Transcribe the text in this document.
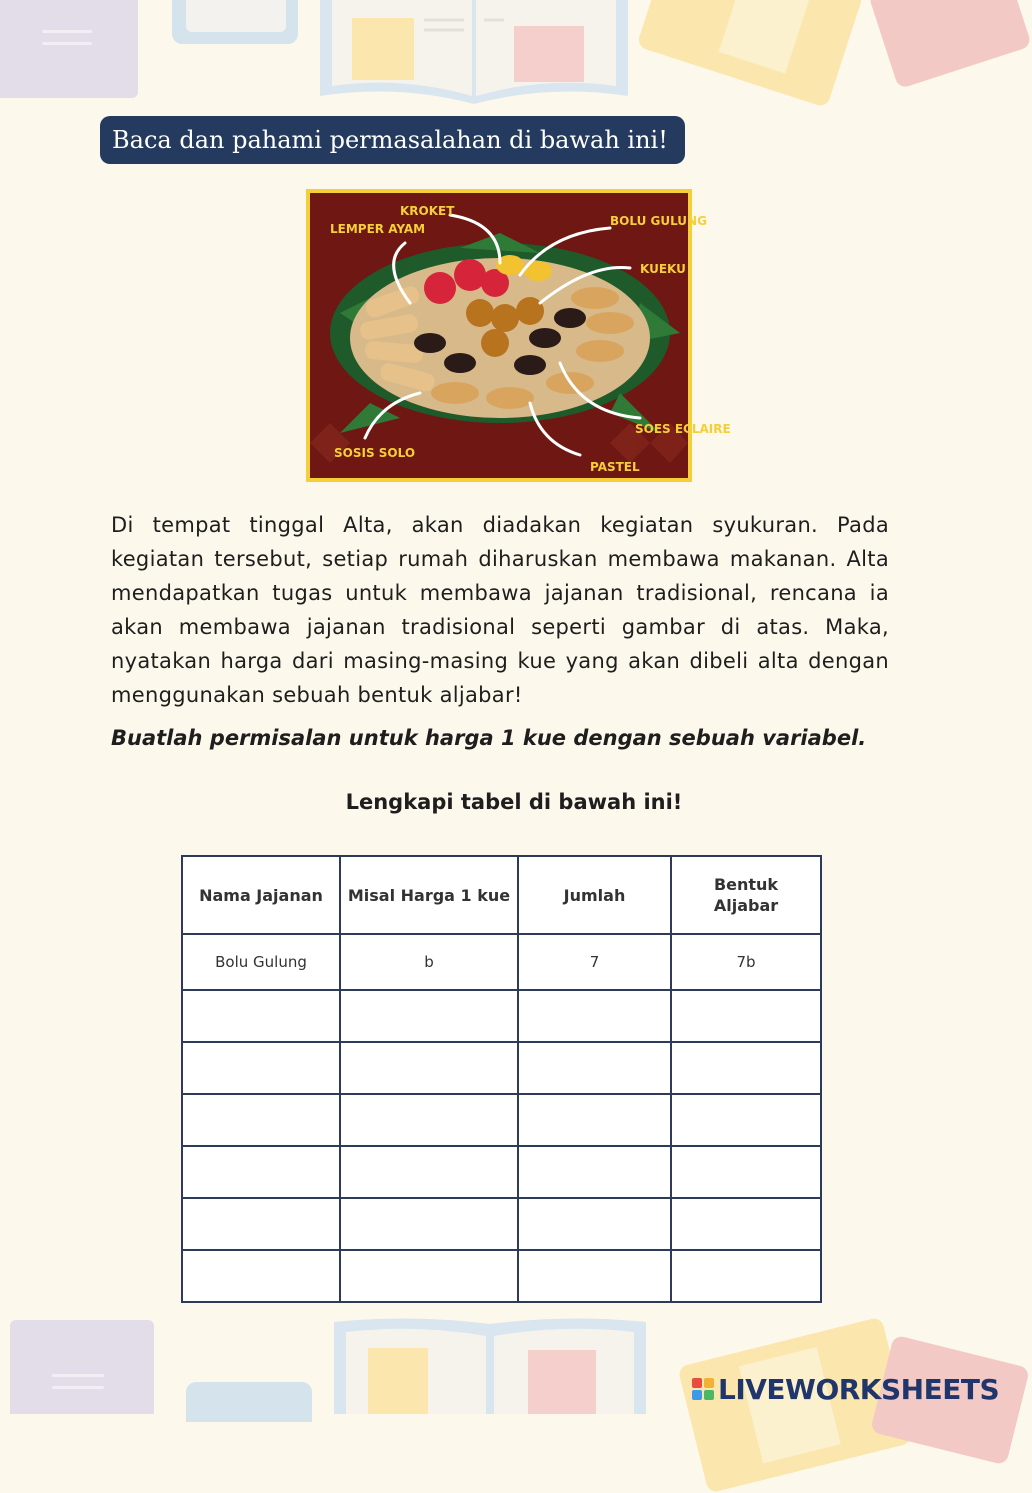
Baca dan pahami permasalahan di bawah ini!
LEMPER AYAM
KROKET
BOLU GULUNG
KUEKU
SOES ECLAIRE
PASTEL
SOSIS SOLO
Di tempat tinggal Alta, akan diadakan kegiatan syukuran. Pada kegiatan tersebut, setiap rumah diharuskan membawa makanan. Alta mendapatkan tugas untuk membawa jajanan tradisional, rencana ia akan membawa jajanan tradisional seperti gambar di atas. Maka, nyatakan harga dari masing-masing kue yang akan dibeli alta dengan menggunakan sebuah bentuk aljabar!
Buatlah permisalan untuk harga 1 kue dengan sebuah variabel.
Lengkapi tabel di bawah ini!
Nama Jajanan	Misal Harga 1 kue	Jumlah	Bentuk Aljabar
Bolu Gulung	b	7	7b

LIVEWORKSHEETS
